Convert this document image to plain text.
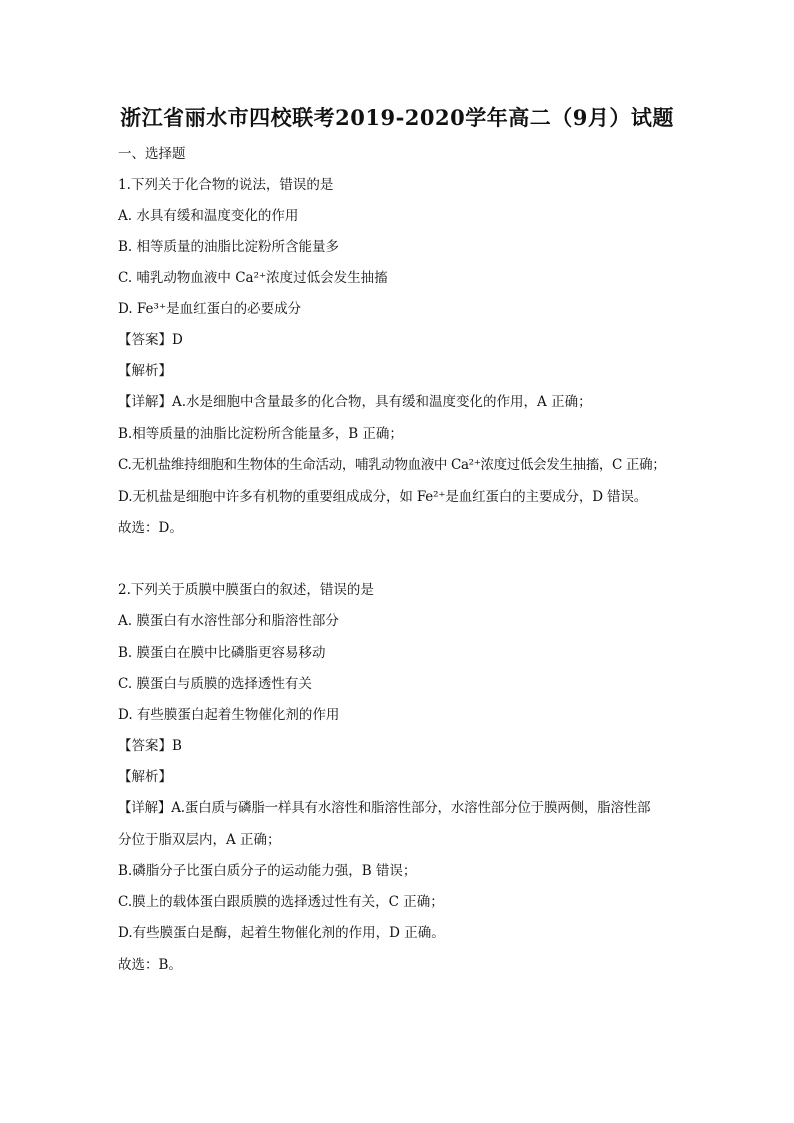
浙江省丽水市四校联考2019-2020学年高二（9月）试题
一、选择题
1.下列关于化合物的说法，错误的是
A. 水具有缓和温度变化的作用
B. 相等质量的油脂比淀粉所含能量多
C. 哺乳动物血液中 Ca²⁺浓度过低会发生抽搐
D. Fe³⁺是血红蛋白的必要成分
【答案】D
【解析】
【详解】A.水是细胞中含量最多的化合物，具有缓和温度变化的作用，A 正确；
B.相等质量的油脂比淀粉所含能量多，B 正确；
C.无机盐维持细胞和生物体的生命活动，哺乳动物血液中 Ca²⁺浓度过低会发生抽搐，C 正确；
D.无机盐是细胞中许多有机物的重要组成成分，如 Fe²⁺是血红蛋白的主要成分，D 错误。
故选：D。
2.下列关于质膜中膜蛋白的叙述，错误的是
A. 膜蛋白有水溶性部分和脂溶性部分
B. 膜蛋白在膜中比磷脂更容易移动
C. 膜蛋白与质膜的选择透性有关
D. 有些膜蛋白起着生物催化剂的作用
【答案】B
【解析】
【详解】A.蛋白质与磷脂一样具有水溶性和脂溶性部分，水溶性部分位于膜两侧，脂溶性部
分位于脂双层内，A 正确；
B.磷脂分子比蛋白质分子的运动能力强，B 错误；
C.膜上的载体蛋白跟质膜的选择透过性有关，C 正确；
D.有些膜蛋白是酶，起着生物催化剂的作用，D 正确。
故选：B。
